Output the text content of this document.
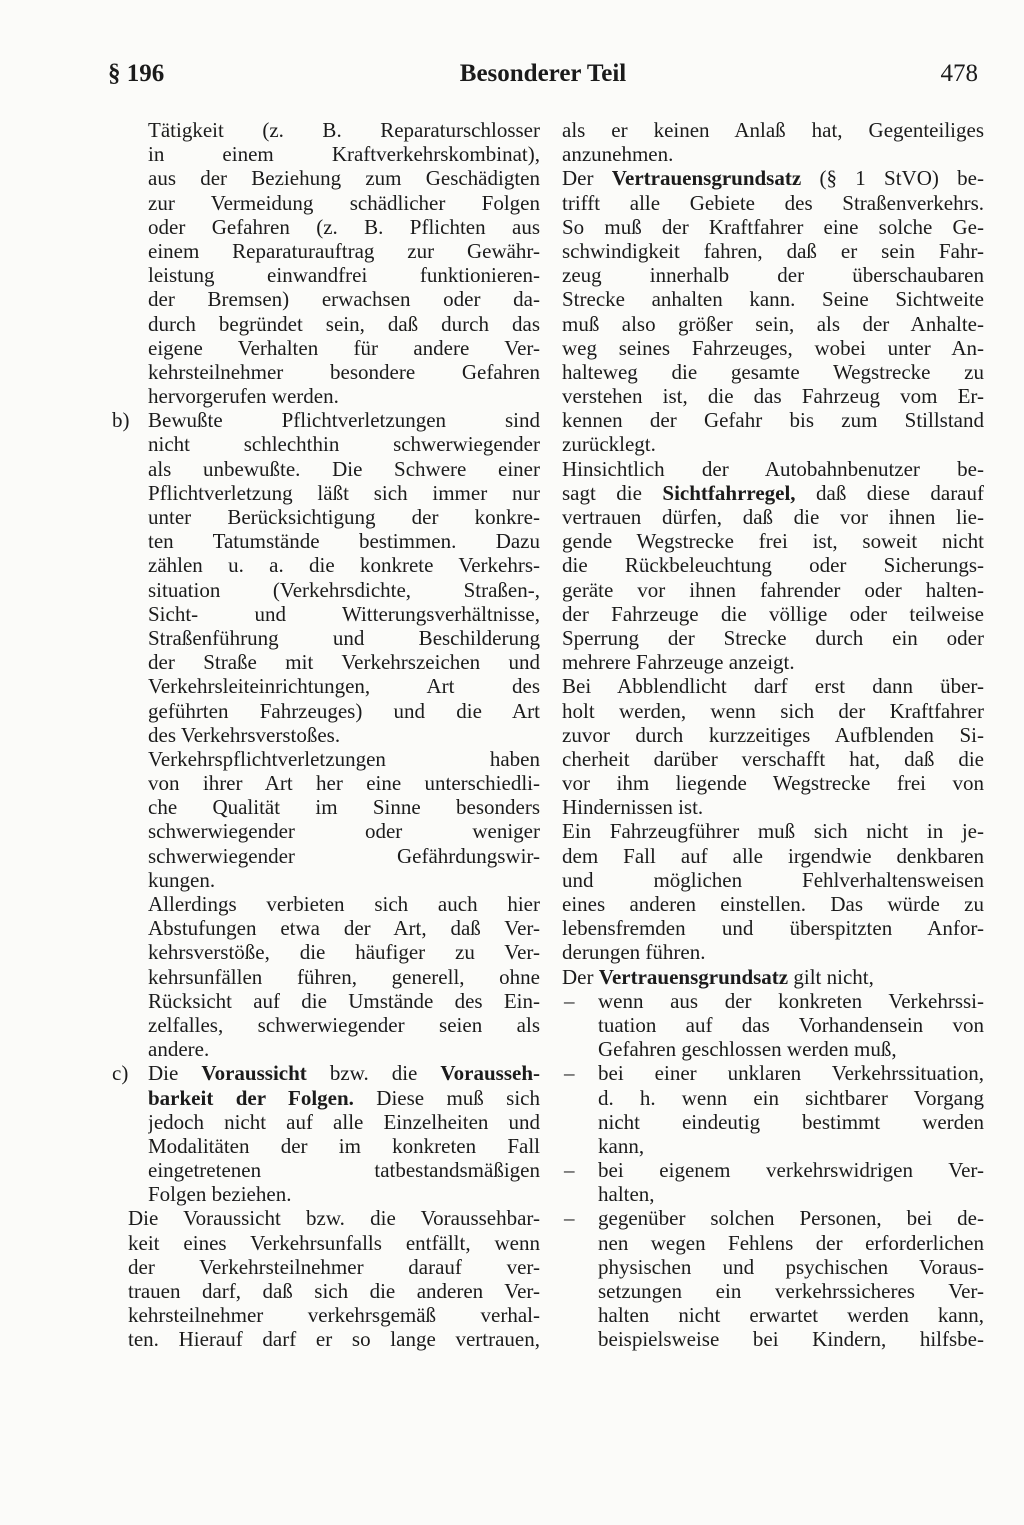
§ 196	Besonderer Teil	478
Tätigkeit (z. B. Reparaturschlosser
in einem Kraftverkehrskombinat),
aus der Beziehung zum Geschädigten
zur Vermeidung schädlicher Folgen
oder Gefahren (z. B. Pflichten aus
einem Reparaturauftrag zur Gewähr-
leistung einwandfrei funktionieren-
der Bremsen) erwachsen oder da-
durch begründet sein, daß durch das
eigene Verhalten für andere Ver-
kehrsteilnehmer besondere Gefahren
hervorgerufen werden.
b) Bewußte Pflichtverletzungen sind
nicht schlechthin schwerwiegender
als unbewußte. Die Schwere einer
Pflichtverletzung läßt sich immer nur
unter Berücksichtigung der konkre-
ten Tatumstände bestimmen. Dazu
zählen u. a. die konkrete Verkehrs-
situation (Verkehrsdichte, Straßen-,
Sicht- und Witterungsverhältnisse,
Straßenführung und Beschilderung
der Straße mit Verkehrszeichen und
Verkehrsleiteinrichtungen, Art des
geführten Fahrzeuges) und die Art
des Verkehrsverstoßes.
Verkehrspflichtverletzungen haben
von ihrer Art her eine unterschiedli-
che Qualität im Sinne besonders
schwerwiegender oder weniger
schwerwiegender Gefährdungswir-
kungen.
Allerdings verbieten sich auch hier
Abstufungen etwa der Art, daß Ver-
kehrsverstöße, die häufiger zu Ver-
kehrsunfällen führen, generell, ohne
Rücksicht auf die Umstände des Ein-
zelfalles, schwerwiegender seien als
andere.
c) Die Voraussicht bzw. die Vorausseh-
barkeit der Folgen. Diese muß sich
jedoch nicht auf alle Einzelheiten und
Modalitäten der im konkreten Fall
eingetretenen tatbestandsmäßigen
Folgen beziehen.
Die Voraussicht bzw. die Voraussehbar-
keit eines Verkehrsunfalls entfällt, wenn
der Verkehrsteilnehmer darauf ver-
trauen darf, daß sich die anderen Ver-
kehrsteilnehmer verkehrsgemäß verhal-
ten. Hierauf darf er so lange vertrauen,
als er keinen Anlaß hat, Gegenteiliges
anzunehmen.
Der Vertrauensgrundsatz (§ 1 StVO) be-
trifft alle Gebiete des Straßenverkehrs.
So muß der Kraftfahrer eine solche Ge-
schwindigkeit fahren, daß er sein Fahr-
zeug innerhalb der überschaubaren
Strecke anhalten kann. Seine Sichtweite
muß also größer sein, als der Anhalte-
weg seines Fahrzeuges, wobei unter An-
halteweg die gesamte Wegstrecke zu
verstehen ist, die das Fahrzeug vom Er-
kennen der Gefahr bis zum Stillstand
zurücklegt.
Hinsichtlich der Autobahnbenutzer be-
sagt die Sichtfahrregel, daß diese darauf
vertrauen dürfen, daß die vor ihnen lie-
gende Wegstrecke frei ist, soweit nicht
die Rückbeleuchtung oder Sicherungs-
geräte vor ihnen fahrender oder halten-
der Fahrzeuge die völlige oder teilweise
Sperrung der Strecke durch ein oder
mehrere Fahrzeuge anzeigt.
Bei Abblendlicht darf erst dann über-
holt werden, wenn sich der Kraftfahrer
zuvor durch kurzzeitiges Aufblenden Si-
cherheit darüber verschafft hat, daß die
vor ihm liegende Wegstrecke frei von
Hindernissen ist.
Ein Fahrzeugführer muß sich nicht in je-
dem Fall auf alle irgendwie denkbaren
und möglichen Fehlverhaltensweisen
eines anderen einstellen. Das würde zu
lebensfremden und überspitzten Anfor-
derungen führen.
Der Vertrauensgrundsatz gilt nicht,
– wenn aus der konkreten Verkehrssi-
tuation auf das Vorhandensein von
Gefahren geschlossen werden muß,
– bei einer unklaren Verkehrssituation,
d. h. wenn ein sichtbarer Vorgang
nicht eindeutig bestimmt werden
kann,
– bei eigenem verkehrswidrigen Ver-
halten,
– gegenüber solchen Personen, bei de-
nen wegen Fehlens der erforderlichen
physischen und psychischen Voraus-
setzungen ein verkehrssicheres Ver-
halten nicht erwartet werden kann,
beispielsweise bei Kindern, hilfsbe-
